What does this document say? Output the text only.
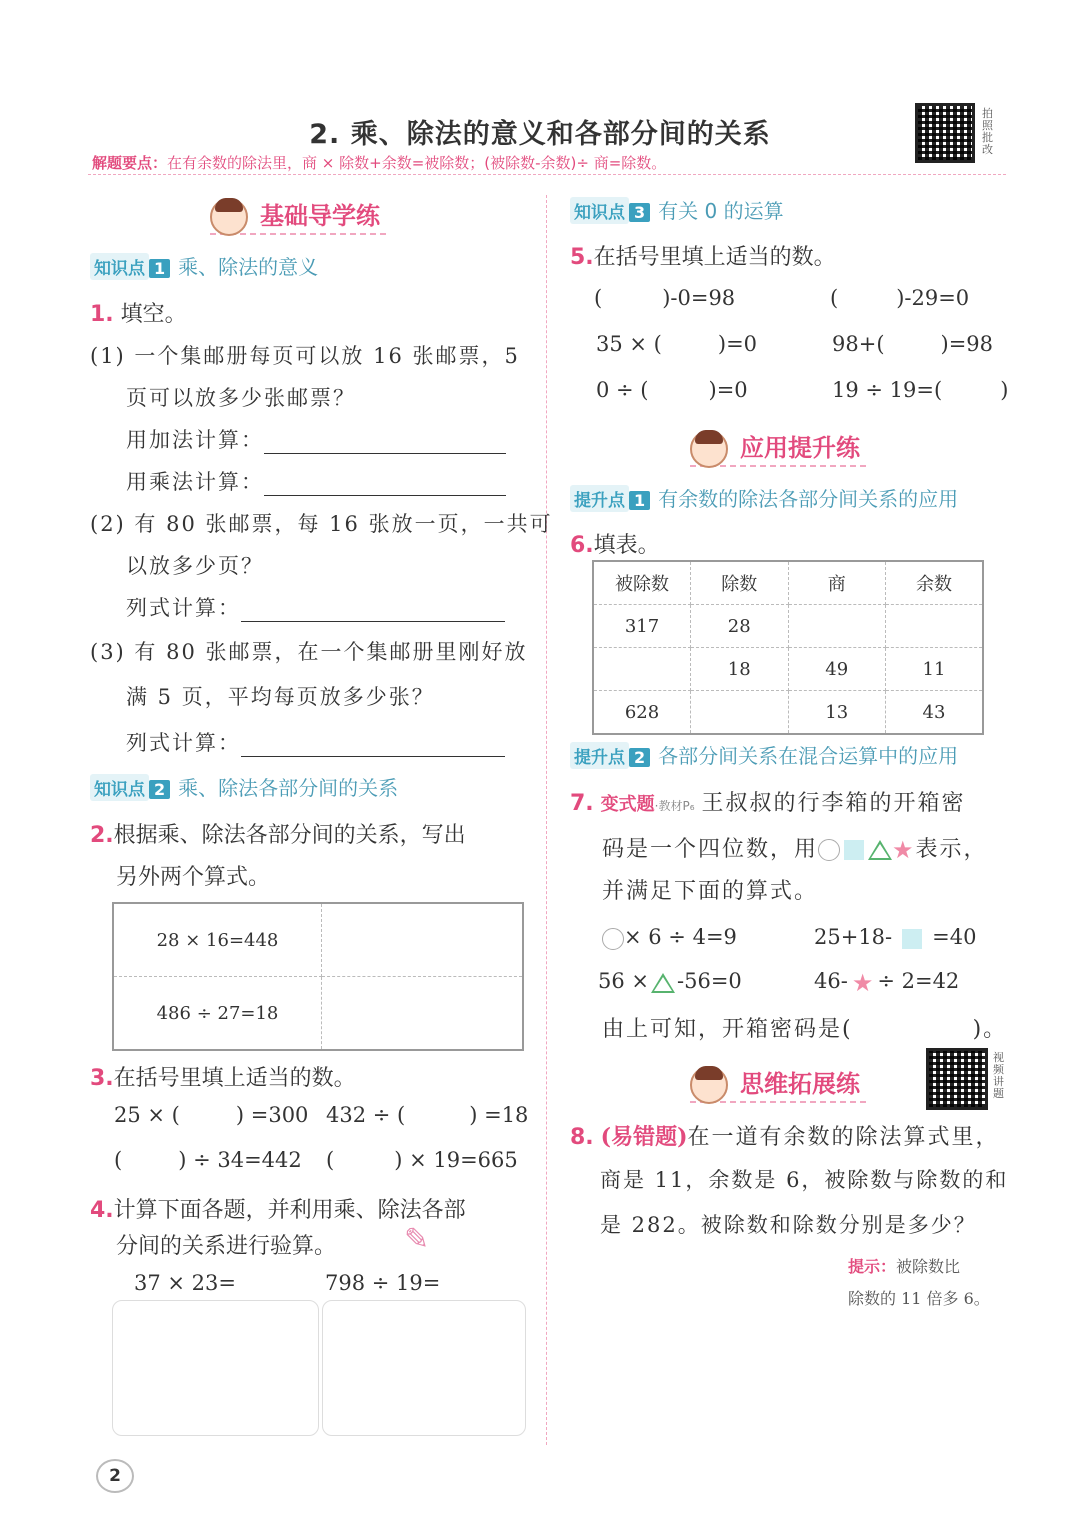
2. 乘、除法的意义和各部分间的关系
解题要点：在有余数的除法里，商 × 除数+余数=被除数；(被除数-余数)÷ 商=除数。
拍照批改
基础导学练
知识点 1 乘、除法的意义
1. 填空。
(1) 一个集邮册每页可以放 16 张邮票，5
页可以放多少张邮票？
用加法计算：
用乘法计算：
(2) 有 80 张邮票，每 16 张放一页，一共可
以放多少页？
列式计算：
(3) 有 80 张邮票，在一个集邮册里刚好放
满 5 页，平均每页放多少张？
列式计算：
知识点 2 乘、除法各部分间的关系
2.根据乘、除法各部分间的关系，写出
另外两个算式。
28 × 16=448	
486 ÷ 27=18	
3.在括号里填上适当的数。
25 × (	) =300 432 ÷ (	) =18
(	) ÷ 34=442 (	) × 19=665
4.计算下面各题，并利用乘、除法各部
分间的关系进行验算。 ✎
37 × 23=	798 ÷ 19=
2
知识点 3 有关 0 的运算
5.在括号里填上适当的数。
(	)-0=98	(	)-29=0
35 × (	)=0	98+(	)=98
0 ÷ (	)=0	19 ÷ 19=(	)
应用提升练
提升点 1 有余数的除法各部分间关系的应用
6.填表。
被除数	除数	商	余数
317	28		
	18	49	11
628		13	43
提升点 2 各部分间关系在混合运算中的应用
7. 变式题·教材P₆ 王叔叔的行李箱的开箱密
码是一个四位数，用	★表示，
并满足下面的算式。
× 6 ÷ 4=9	25+18- =40
56 × -56=0	46- ★ ÷ 2=42
由上可知，开箱密码是(	)。
视频讲题
思维拓展练
8. (易错题)在一道有余数的除法算式里，
商是 11，余数是 6，被除数与除数的和
是 282。被除数和除数分别是多少？
提示：被除数比
除数的 11 倍多 6。
